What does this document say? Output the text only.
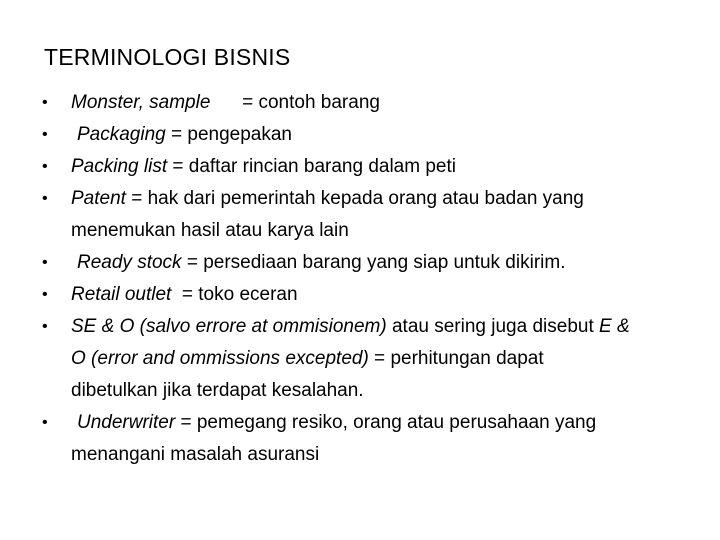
TERMINOLOGI BISNIS
• Monster, sample      = contoh barang
• Packaging = pengepakan
• Packing list = daftar rincian barang dalam peti
• Patent = hak dari pemerintah kepada orang atau badan yang
menemukan hasil atau karya lain
• Ready stock = persediaan barang yang siap untuk dikirim.
• Retail outlet  = toko eceran
• SE & O (salvo errore at ommisionem) atau sering juga disebut E &
O (error and ommissions excepted) = perhitungan dapat
dibetulkan jika terdapat kesalahan.
• Underwriter = pemegang resiko, orang atau perusahaan yang
menangani masalah asuransi
